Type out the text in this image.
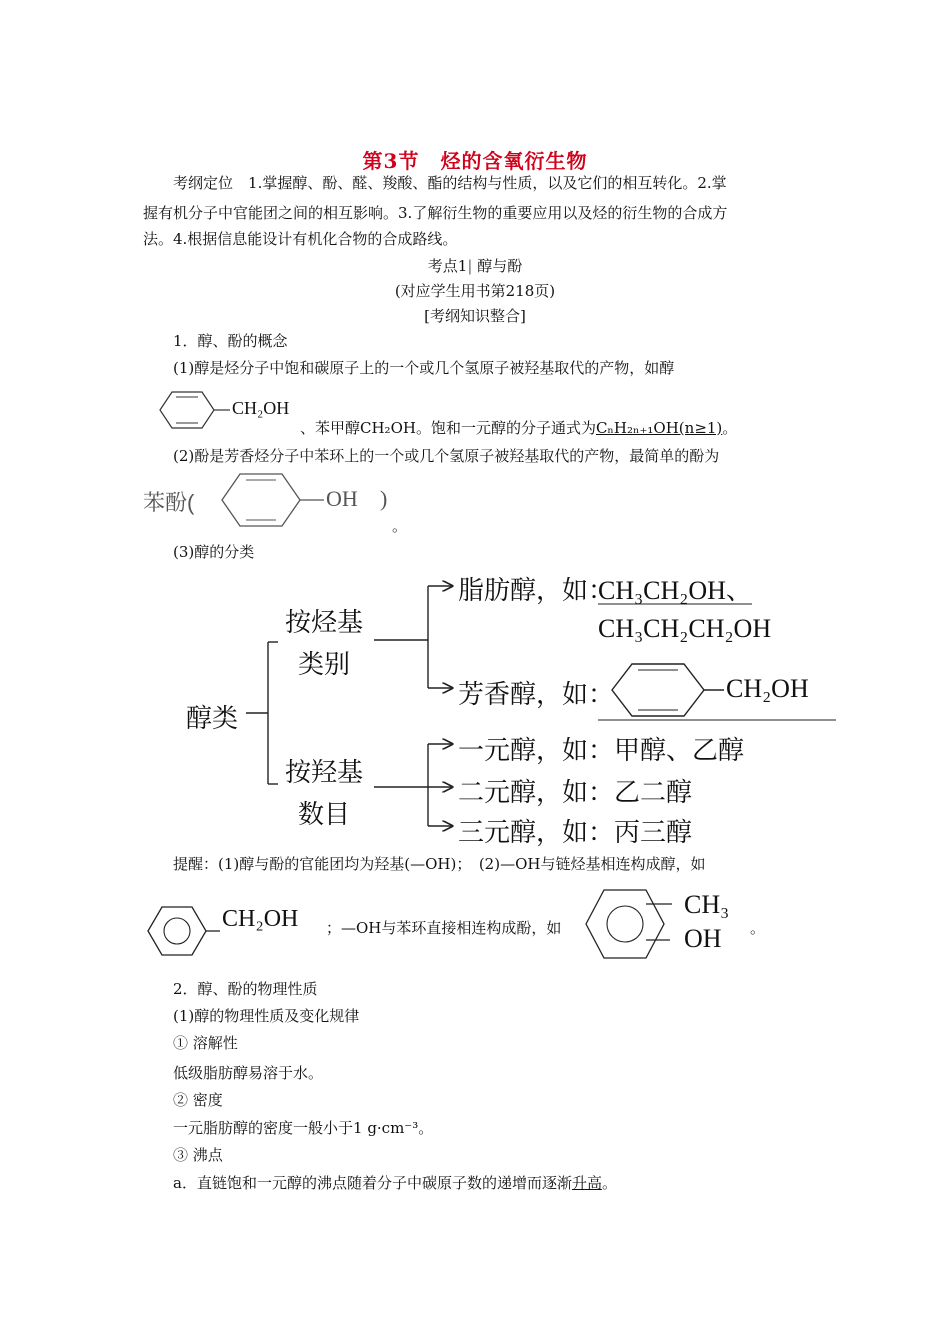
第3节　烃的含氧衍生物
考纲定位　 1.掌握醇、酚、醛、羧酸、酯的结构与性质，以及它们的相互转化。2.掌
握有机分子中官能团之间的相互影响。3.了解衍生物的重要应用以及烃的衍生物的合成方
法。4.根据信息能设计有机化合物的合成路线。
考点1| 醇与酚
(对应学生用书第218页)
[考纲知识整合]
1．醇、酚的概念
(1)醇是烃分子中饱和碳原子上的一个或几个氢原子被羟基取代的产物，如醇
CH₂OH
、苯甲醇CH₂OH。饱和一元醇的分子通式为CₙH₂ₙ₊₁OH(n≥1)。
(2)酚是芳香烃分子中苯环上的一个或几个氢原子被羟基取代的产物，最简单的酚为
苯酚(	OH )
。
(3)醇的分类
醇类
按烃基
类别
按羟基
数目
脂肪醇，如：
CH₃CH₂OH、
CH₃CH₂CH₂OH
芳香醇，如：	CH₂OH
一元醇，如：甲醇、乙醇
二元醇，如：乙二醇
三元醇，如：丙三醇
提醒：(1)醇与酚的官能团均为羟基(—OH)；　(2)—OH与链烃基相连构成醇，如
CH₂OH ；—OH与苯环直接相连构成酚，如
CH₃
OH 。
2．醇、酚的物理性质
(1)醇的物理性质及变化规律
① 溶解性
低级脂肪醇易溶于水。
② 密度
一元脂肪醇的密度一般小于1 g·cm⁻³。
③ 沸点
a．直链饱和一元醇的沸点随着分子中碳原子数的递增而逐渐升高。
